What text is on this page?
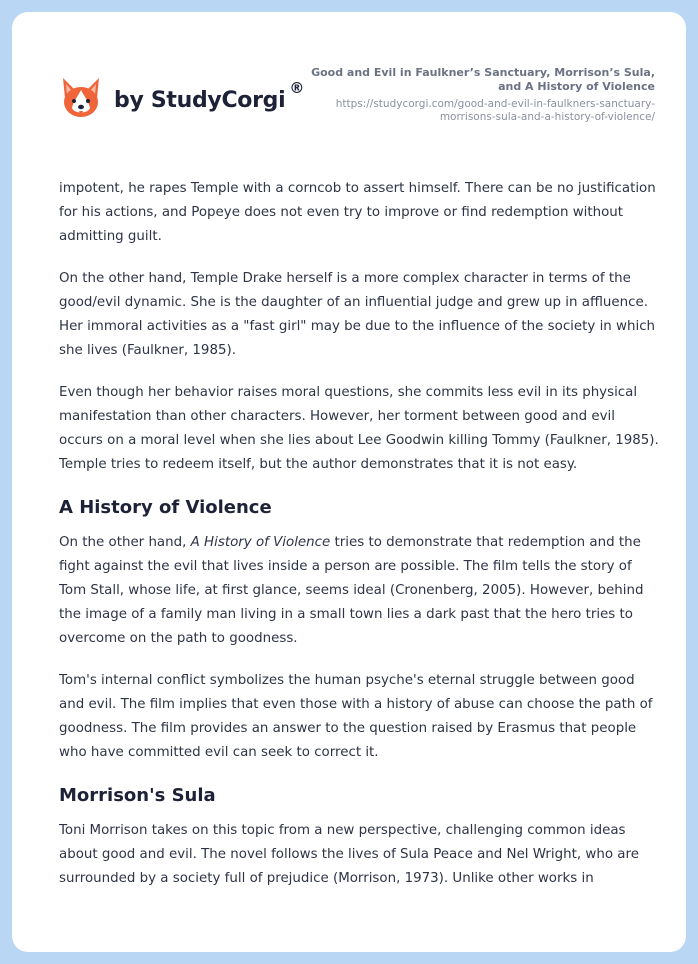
by StudyCorgi ®
Good and Evil in Faulkner’s Sanctuary, Morrison’s Sula, and A History of Violence
https://studycorgi.com/good-and-evil-in-faulkners-sanctuary-morrisons-sula-and-a-history-of-violence/

impotent, he rapes Temple with a corncob to assert himself. There can be no justification for his actions, and Popeye does not even try to improve or find redemption without admitting guilt.

On the other hand, Temple Drake herself is a more complex character in terms of the good/evil dynamic. She is the daughter of an influential judge and grew up in affluence. Her immoral activities as a "fast girl" may be due to the influence of the society in which she lives (Faulkner, 1985).

Even though her behavior raises moral questions, she commits less evil in its physical manifestation than other characters. However, her torment between good and evil occurs on a moral level when she lies about Lee Goodwin killing Tommy (Faulkner, 1985). Temple tries to redeem itself, but the author demonstrates that it is not easy.

A History of Violence

On the other hand, A History of Violence tries to demonstrate that redemption and the fight against the evil that lives inside a person are possible. The film tells the story of Tom Stall, whose life, at first glance, seems ideal (Cronenberg, 2005). However, behind the image of a family man living in a small town lies a dark past that the hero tries to overcome on the path to goodness.

Tom's internal conflict symbolizes the human psyche's eternal struggle between good and evil. The film implies that even those with a history of abuse can choose the path of goodness. The film provides an answer to the question raised by Erasmus that people who have committed evil can seek to correct it.

Morrison's Sula

Toni Morrison takes on this topic from a new perspective, challenging common ideas about good and evil. The novel follows the lives of Sula Peace and Nel Wright, who are surrounded by a society full of prejudice (Morrison, 1973). Unlike other works in
